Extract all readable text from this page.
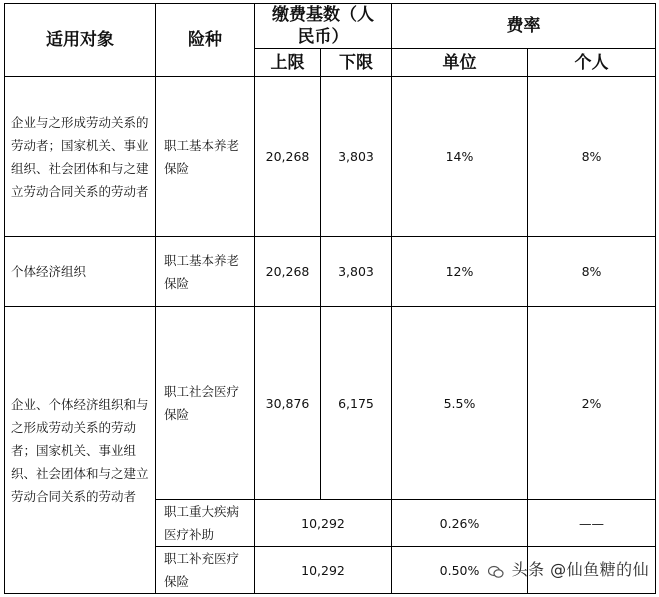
适用对象	险种	缴费基数（人民币）		费率	
		上限	下限	单位	个人
企业与之形成劳动关系的劳动者；国家机关、事业组织、社会团体和与之建立劳动合同关系的劳动者	职工基本养老保险	20,268	3,803	14%	8%
个体经济组织	职工基本养老保险	20,268	3,803	12%	8%
企业、个体经济组织和与之形成劳动关系的劳动者；国家机关、事业组织、社会团体和与之建立劳动合同关系的劳动者	职工社会医疗保险	30,876	6,175	5.5%	2%
	职工重大疾病医疗补助	10,292		0.26%	——
	职工补充医疗保险	10,292		0.50%		头条 @仙鱼糖的仙
